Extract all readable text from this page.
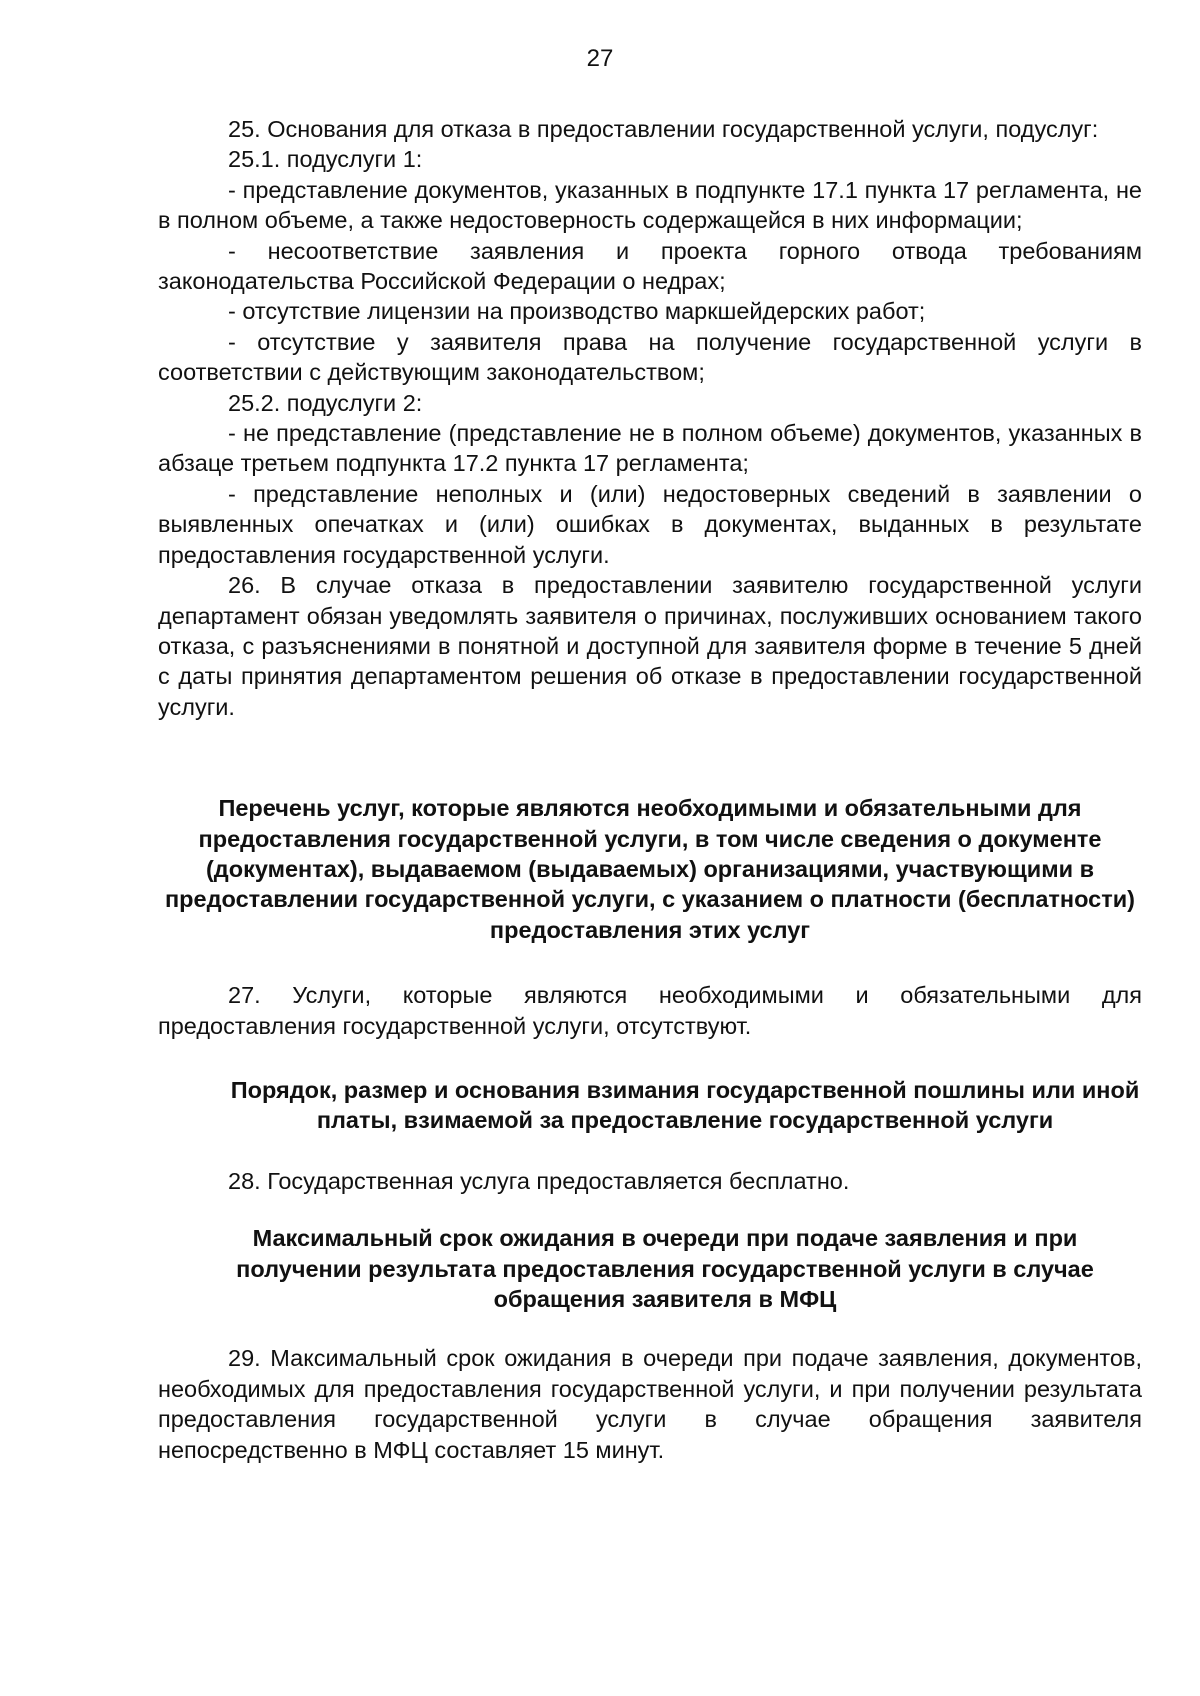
27

25. Основания для отказа в предоставлении государственной услуги, подуслуг:

25.1. подуслуги 1:

- представление документов, указанных в подпункте 17.1 пункта 17 регламента, не в полном объеме, а также недостоверность содержащейся в них информации;

- несоответствие заявления и проекта горного отвода требованиям законодательства Российской Федерации о недрах;

- отсутствие лицензии на производство маркшейдерских работ;

- отсутствие у заявителя права на получение государственной услуги в соответствии с действующим законодательством;

25.2. подуслуги 2:

- не представление (представление не в полном объеме) документов, указанных в абзаце третьем подпункта 17.2 пункта 17 регламента;

- представление неполных и (или) недостоверных сведений в заявлении о выявленных опечатках и (или) ошибках в документах, выданных в результате предоставления государственной услуги.

26. В случае отказа в предоставлении заявителю государственной услуги департамент обязан уведомлять заявителя о причинах, послуживших основанием такого отказа, с разъяснениями в понятной и доступной для заявителя форме в течение 5 дней с даты принятия департаментом решения об отказе в предоставлении государственной услуги.

Перечень услуг, которые являются необходимыми и обязательными для предоставления государственной услуги, в том числе сведения о документе (документах), выдаваемом (выдаваемых) организациями, участвующими в предоставлении государственной услуги, с указанием о платности (бесплатности) предоставления этих услуг

27. Услуги, которые являются необходимыми и обязательными для предоставления государственной услуги, отсутствуют.

Порядок, размер и основания взимания государственной пошлины или иной платы, взимаемой за предоставление государственной услуги

28. Государственная услуга предоставляется бесплатно.

Максимальный срок ожидания в очереди при подаче заявления и при получении результата предоставления государственной услуги в случае обращения заявителя в МФЦ

29. Максимальный срок ожидания в очереди при подаче заявления, документов, необходимых для предоставления государственной услуги, и при получении результата предоставления государственной услуги в случае обращения заявителя непосредственно в МФЦ составляет 15 минут.
